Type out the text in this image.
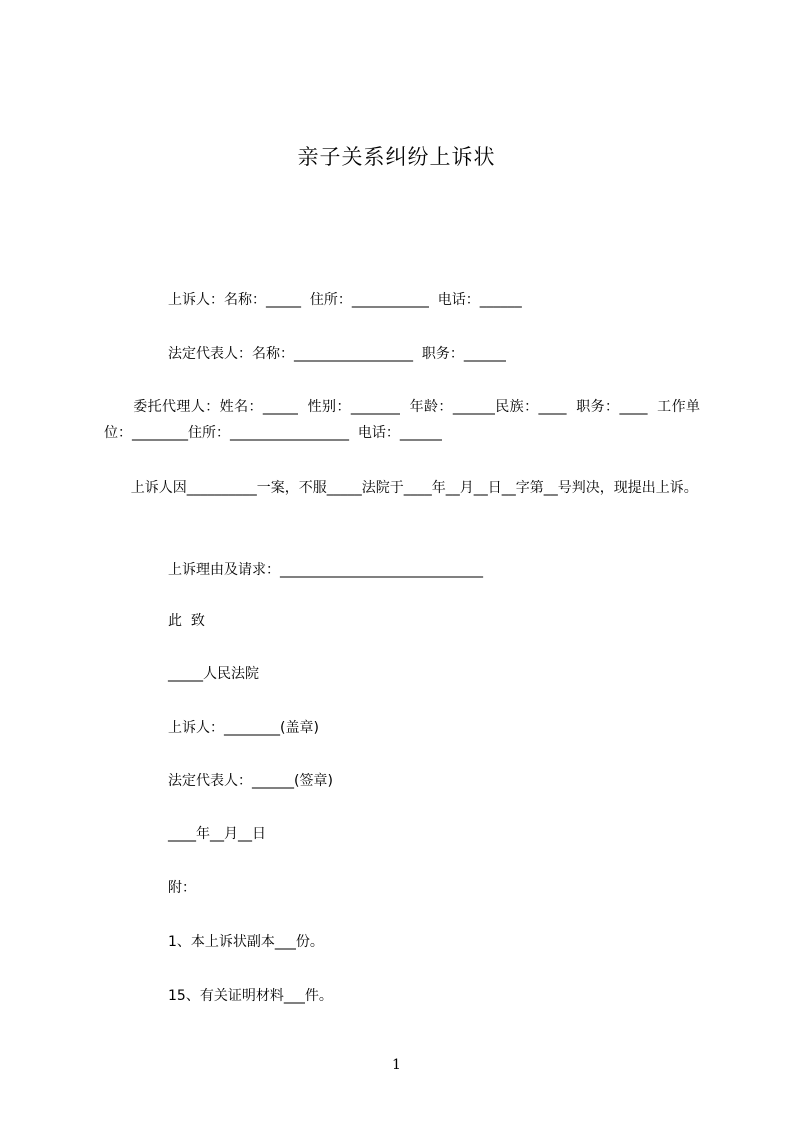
亲子关系纠纷上诉状
上诉人：名称：_____  住所：___________  电话：______
法定代表人：名称：_________________  职务：______
委托代理人：姓名：_____  性别：_______  年龄：______民族：____  职务：____  工作单位：________住所：_________________  电话：______
上诉人因__________一案，不服_____法院于____年__月__日__字第__号判决，现提出上诉。
上诉理由及请求：_____________________________
此  致
_____人民法院
上诉人：________(盖章)
法定代表人：______(签章)
____年__月__日
附：
1、本上诉状副本___份。
15、有关证明材料___件。
1
